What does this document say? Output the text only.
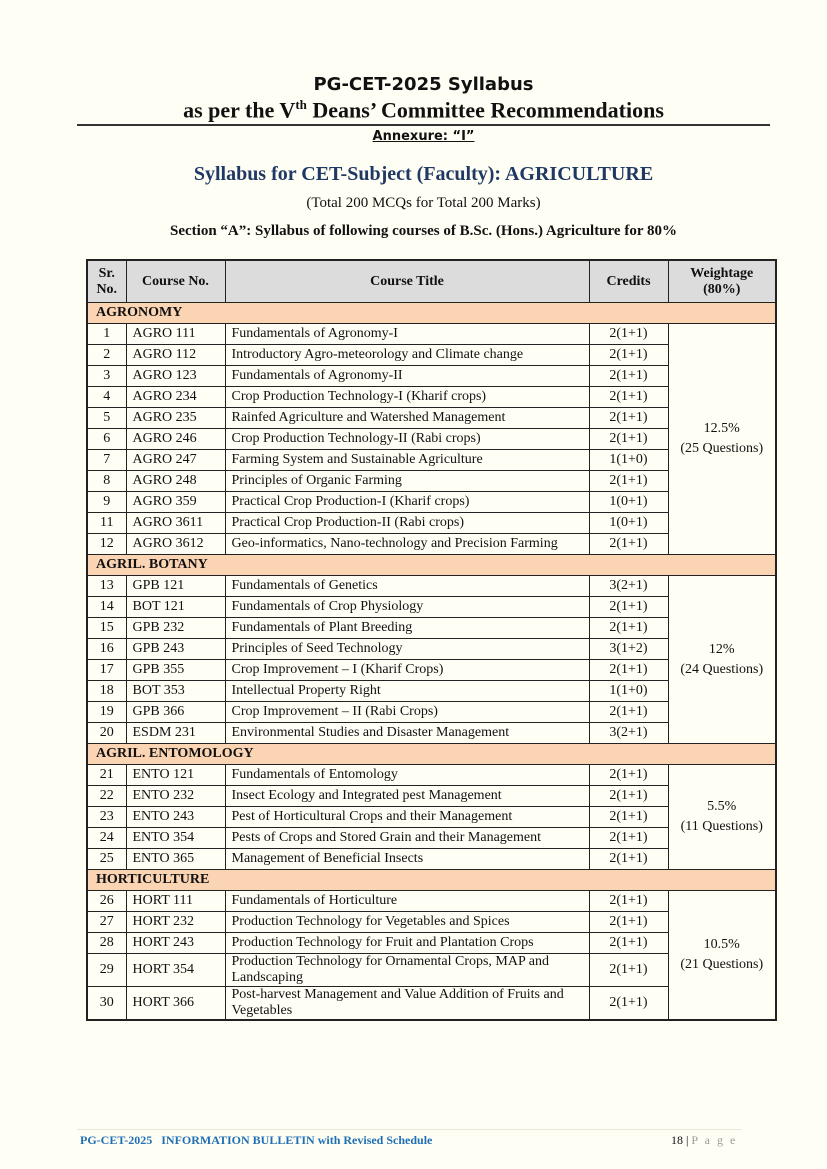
PG-CET-2025 Syllabus
as per the Vth Deans’ Committee Recommendations
Annexure: “I”
Syllabus for CET-Subject (Faculty): AGRICULTURE
(Total 200 MCQs for Total 200 Marks)
Section “A”: Syllabus of following courses of B.Sc. (Hons.) Agriculture for 80%
Sr. No.	Course No.	Course Title	Credits	Weightage (80%)
AGRONOMY				
1	AGRO 111	Fundamentals of Agronomy-I	2(1+1)	12.5%
(25 Questions)

2	AGRO 112	Introductory Agro-meteorology and Climate change	2(1+1)	
3	AGRO 123	Fundamentals of Agronomy-II	2(1+1)	
4	AGRO 234	Crop Production Technology-I (Kharif crops)	2(1+1)	
5	AGRO 235	Rainfed Agriculture and Watershed Management	2(1+1)	
6	AGRO 246	Crop Production Technology-II (Rabi crops)	2(1+1)	
7	AGRO 247	Farming System and Sustainable Agriculture	1(1+0)	
8	AGRO 248	Principles of Organic Farming	2(1+1)	
9	AGRO 359	Practical Crop Production-I (Kharif crops)	1(0+1)	
11	AGRO 3611	Practical Crop Production-II (Rabi crops)	1(0+1)	
12	AGRO 3612	Geo-informatics, Nano-technology and Precision Farming	2(1+1)	
AGRIL. BOTANY				
13	GPB 121	Fundamentals of Genetics	3(2+1)	12%
(24 Questions)

14	BOT 121	Fundamentals of Crop Physiology	2(1+1)	
15	GPB 232	Fundamentals of Plant Breeding	2(1+1)	
16	GPB 243	Principles of Seed Technology	3(1+2)	
17	GPB 355	Crop Improvement – I (Kharif Crops)	2(1+1)	
18	BOT 353	Intellectual Property Right	1(1+0)	
19	GPB 366	Crop Improvement – II (Rabi Crops)	2(1+1)	
20	ESDM 231	Environmental Studies and Disaster Management	3(2+1)	
AGRIL. ENTOMOLOGY				
21	ENTO 121	Fundamentals of Entomology	2(1+1)	5.5%
(11 Questions)

22	ENTO 232	Insect Ecology and Integrated pest Management	2(1+1)	
23	ENTO 243	Pest of Horticultural Crops and their Management	2(1+1)	
24	ENTO 354	Pests of Crops and Stored Grain and their Management	2(1+1)	
25	ENTO 365	Management of Beneficial Insects	2(1+1)	
HORTICULTURE				
26	HORT 111	Fundamentals of Horticulture	2(1+1)	10.5%
(21 Questions)

27	HORT 232	Production Technology for Vegetables and Spices	2(1+1)	
28	HORT 243	Production Technology for Fruit and Plantation Crops	2(1+1)	
29	HORT 354	Production Technology for Ornamental Crops, MAP and Landscaping	2(1+1)	
30	HORT 366	Post-harvest Management and Value Addition of Fruits and Vegetables	2(1+1)	
PG-CET-2025   INFORMATION BULLETIN with Revised Schedule	18 | P a g e
